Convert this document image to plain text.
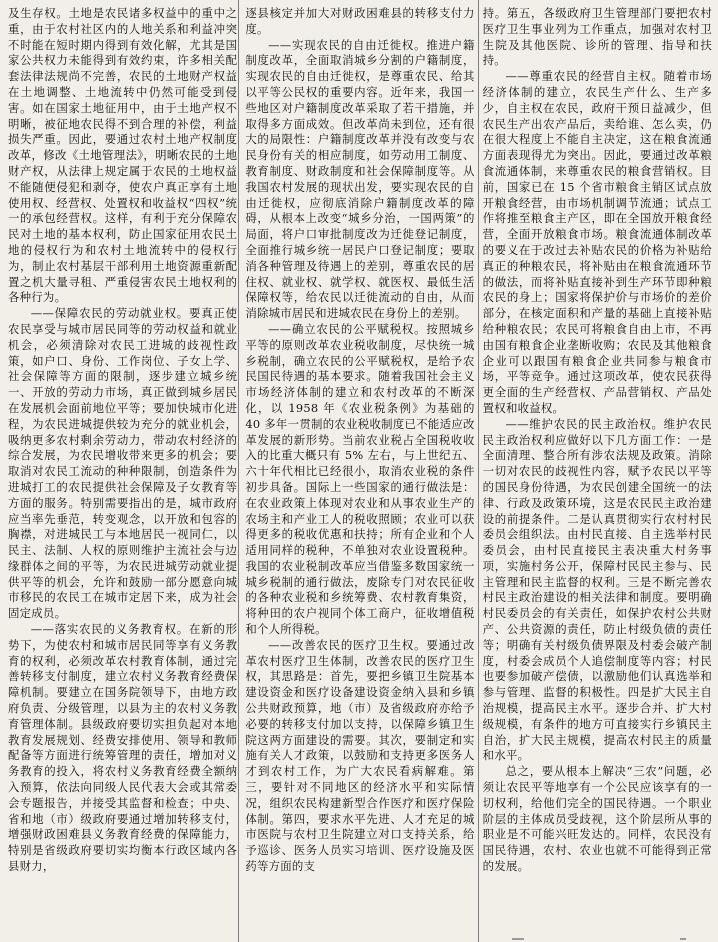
及生存权。土地是农民诸多权益中的重中之重，由于农村社区内的人地关系和利益冲突不时能在短时期内得到有效化解，尤其是国家公共权力未能得到有效约束，许多相关配套法律法规尚不完善，农民的土地财产权益在土地调整、土地流转中仍然可能受到侵害。如在国家土地征用中，由于土地产权不明晰，被征地农民得不到合理的补偿，利益损失严重。因此，要通过农村土地产权制度改革，修改《土地管理法》，明晰农民的土地财产权，从法律上规定属于农民的土地权益不能随便侵犯和剥夺，使农户真正享有土地使用权、经营权、处置权和收益权“四权”统一的承包经营权。这样，有利于充分保障农民对土地的基本权利，防止国家征用农民土地的侵权行为和农村土地流转中的侵权行为，制止农村基层干部利用土地资源重新配置之机大量寻租、严重侵害农民土地权利的各种行为。

——保障农民的劳动就业权。要真正使农民享受与城市居民同等的劳动权益和就业机会，必须清除对农民工进城的歧视性政策，如户口、身份、工作岗位、子女上学、社会保障等方面的限制，逐步建立城乡统一、开放的劳动力市场，真正做到城乡居民在发展机会面前地位平等；要加快城市化进程，为农民进城提供较为充分的就业机会，吸纳更多农村剩余劳动力，带动农村经济的综合发展，为农民增收带来更多的机会；要取消对农民工流动的种种限制，创造条件为进城打工的农民提供社会保障及子女教育等方面的服务。特别需要指出的是，城市政府应当率先垂范，转变观念，以开放和包容的胸襟，对进城民工与本地居民一视同仁，以民主、法制、人权的原则维护主流社会与边缘群体之间的平等，为农民进城劳动就业提供平等的机会，允许和鼓励一部分愿意向城市移民的农民工在城市定居下来，成为社会固定成员。

——落实农民的义务教育权。在新的形势下，为使农村和城市居民同等享有义务教育的权利，必须改革农村教育体制，通过完善转移支付制度，建立农村义务教育经费保障机制。要建立在国务院领导下，由地方政府负责、分级管理，以县为主的农村义务教育管理体制。县级政府要切实担负起对本地教育发展规划、经费安排使用、领导和教师配备等方面进行统筹管理的责任，增加对义务教育的投入，将农村义务教育经费全额纳入预算，依法向同级人民代表大会或其常委会专题报告，并接受其监督和检查；中央、省和地（市）级政府要通过增加转移支付，增强财政困难县义务教育经费的保障能力，特别是省级政府要切实均衡本行政区域内各县财力，

逐县核定并加大对财政困难县的转移支付力度。

——实现农民的自由迁徙权。推进户籍制度改革，全面取消城乡分割的户籍制度，实现农民的自由迁徙权，是尊重农民、给其以平等公民权的重要内容。近年来，我国一些地区对户籍制度改革采取了若干措施，并取得多方面成效。但改革尚未到位，还有很大的局限性：户籍制度改革并没有改变与农民身份有关的相应制度，如劳动用工制度、教育制度、财政制度和社会保障制度等。从我国农村发展的现状出发，要实现农民的自由迁徙权，应彻底消除户籍制度改革的障碍，从根本上改变“城乡分治，一国两策”的局面，将户口审批制度改为迁徙登记制度，全面推行城乡统一居民户口登记制度；要取消各种管理及待遇上的差别，尊重农民的居住权、就业权、就学权、就医权、最低生活保障权等，给农民以迁徙流动的自由，从而消除城市居民和进城农民在身份上的差别。

——确立农民的公平赋税权。按照城乡平等的原则改革农业税收制度，尽快统一城乡税制，确立农民的公平赋税权，是给予农民国民待遇的基本要求。随着我国社会主义市场经济体制的建立和农村改革的不断深化，以 1958 年《农业税条例》为基础的 40 多年一贯制的农业税收制度已不能适应改革发展的新形势。当前农业税占全国税收收入的比重大概只有 5% 左右，与上世纪五、六十年代相比已经很小，取消农业税的条件初步具备。国际上一些国家的通行做法是：在农业政策上体现对农业和从事农业生产的农场主和产业工人的税收照顾；农业可以获得更多的税收优惠和扶持；所有企业和个人适用同样的税种，不单独对农业设置税种。我国的农业税制改革应当借鉴多数国家统一城乡税制的通行做法，废除专门对农民征收的各种农业税和乡统筹费、农村教育集资，将种田的农户视同个体工商户，征收增值税和个人所得税。

——改善农民的医疗卫生权。要通过改革农村医疗卫生体制，改善农民的医疗卫生权，其思路是：首先，要把乡镇卫生院基本建设资金和医疗设备建设资金纳入县和乡镇公共财政预算，地（市）及省级政府亦给予必要的转移支付加以支持，以保障乡镇卫生院这两方面建设的需要。其次，要制定和实施有关人才政策，以鼓励和支持更多医务人才到农村工作，为广大农民看病解难。第三，要针对不同地区的经济水平和实际情况，组织农民构建新型合作医疗和医疗保险体制。第四，要求水平先进、人才充足的城市医院与农村卫生院建立对口支持关系，给予巡诊、医务人员实习培训、医疗设施及医药等方面的支

持。第五，各级政府卫生管理部门要把农村医疗卫生事业列为工作重点，加强对农村卫生院及其他医院、诊所的管理、指导和扶持。

——尊重农民的经营自主权。随着市场经济体制的建立，农民生产什么、生产多少，自主权在农民，政府干预日益减少，但农民生产出农产品后，卖给谁、怎么卖，仍在很大程度上不能自主决定，这在粮食流通方面表现得尤为突出。因此，要通过改革粮食流通体制，来尊重农民的粮食营销权。目前，国家已在 15 个省市粮食主销区试点放开粮食经营，由市场机制调节流通；试点工作将推至粮食主产区，即在全国放开粮食经营，全面开放粮食市场。粮食流通体制改革的要义在于改过去补贴农民的价格为补贴给真正的种粮农民，将补贴由在粮食流通环节的做法，而将补贴直接补到生产环节即种粮农民的身上；国家将保护价与市场价的差价部分，在核定面积和产量的基础上直接补贴给种粮农民；农民可将粮食自由上市，不再由国有粮食企业垄断收购；农民及其他粮食企业可以跟国有粮食企业共同参与粮食市场，平等竞争。通过这项改革，使农民获得更全面的生产经营权、产品营销权、产品处置权和收益权。

——维护农民的民主政治权。维护农民民主政治权利应做好以下几方面工作：一是全面清理、整合所有涉农法规及政策。消除一切对农民的歧视性内容，赋予农民以平等的国民身份待遇，为农民创建全国统一的法律、行政及政策环境，这是农民民主政治建设的前提条件。二是认真贯彻实行农村村民委员会组织法。由村民直接、自主选举村民委员会，由村民直接民主表决重大村务事项，实施村务公开，保障村民民主参与、民主管理和民主监督的权利。三是不断完善农村民主政治建设的相关法律和制度。要明确村民委员会的有关责任，如保护农村公共财产、公共资源的责任，防止村级负债的责任等；明确有关村级负债界限及村委会破产制度，村委会成员个人追偿制度等内容；村民也要参加破产偿债，以激励他们认真选举和参与管理、监督的积极性。四是扩大民主自治规模，提高民主水平。逐步合并、扩大村级规模，有条件的地方可直接实行乡镇民主自治，扩大民主规模，提高农村民主的质量和水平。

总之，要从根本上解决“三农”问题，必须让农民平等地享有一个公民应该享有的一切权利，给他们完全的国民待遇。一个职业阶层的主体成员受歧视，这个阶层所从事的职业是不可能兴旺发达的。同样，农民没有国民待遇，农村、农业也就不可能得到正常的发展。
